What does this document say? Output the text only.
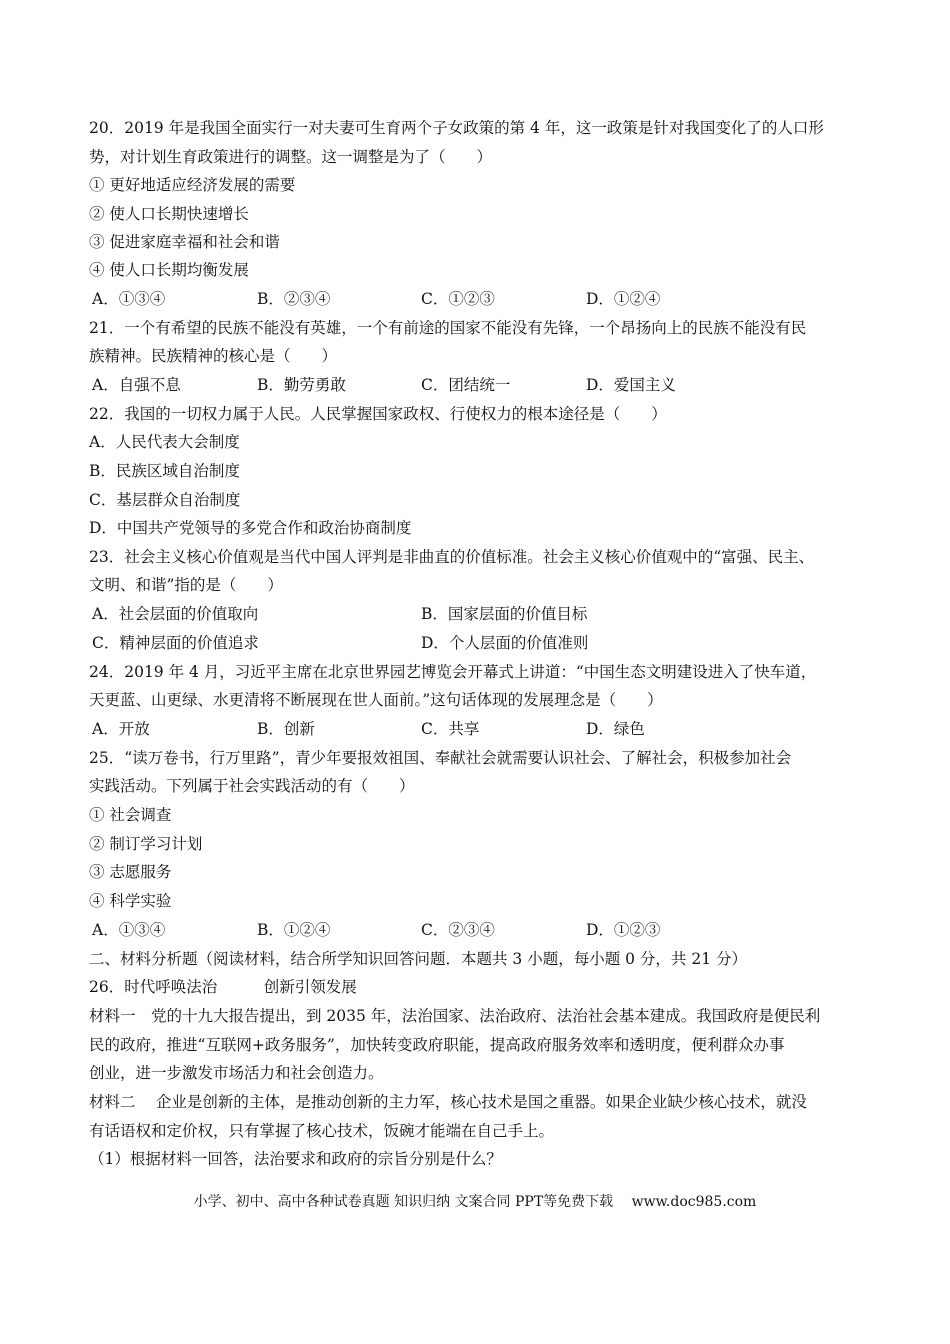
20．2019 年是我国全面实行一对夫妻可生育两个子女政策的第 4 年，这一政策是针对我国变化了的人口形
势，对计划生育政策进行的调整。这一调整是为了（　　）
① 更好地适应经济发展的需要
② 使人口长期快速增长
③ 促进家庭幸福和社会和谐
④ 使人口长期均衡发展
A．①③④	B．②③④	C．①②③	D．①②④
21．一个有希望的民族不能没有英雄，一个有前途的国家不能没有先锋，一个昂扬向上的民族不能没有民
族精神。民族精神的核心是（　　）
A．自强不息	B．勤劳勇敢	C．团结统一	D．爱国主义
22．我国的一切权力属于人民。人民掌握国家政权、行使权力的根本途径是（　　）
A．人民代表大会制度
B．民族区域自治制度
C．基层群众自治制度
D．中国共产党领导的多党合作和政治协商制度
23．社会主义核心价值观是当代中国人评判是非曲直的价值标准。社会主义核心价值观中的“富强、民主、
文明、和谐”指的是（　　）
A．社会层面的价值取向	B．国家层面的价值目标
C．精神层面的价值追求	D．个人层面的价值准则
24．2019 年 4 月，习近平主席在北京世界园艺博览会开幕式上讲道：“中国生态文明建设进入了快车道，
天更蓝、山更绿、水更清将不断展现在世人面前。”这句话体现的发展理念是（　　）
A．开放	B．创新	C．共享	D．绿色
25．“读万卷书，行万里路”，青少年要报效祖国、奉献社会就需要认识社会、了解社会，积极参加社会
实践活动。下列属于社会实践活动的有（　　）
① 社会调查
② 制订学习计划
③ 志愿服务
④ 科学实验
A．①③④	B．①②④	C．②③④	D．①②③
二、材料分析题（阅读材料，结合所学知识回答问题．本题共 3 小题，每小题 0 分，共 21 分）
26．时代呼唤法治　　　创新引领发展
材料一　党的十九大报告提出，到 2035 年，法治国家、法治政府、法治社会基本建成。我国政府是便民利
民的政府，推进“互联网+政务服务”，加快转变政府职能，提高政府服务效率和透明度，便利群众办事
创业，进一步激发市场活力和社会创造力。
材料二　 企业是创新的主体，是推动创新的主力军，核心技术是国之重器。如果企业缺少核心技术，就没
有话语权和定价权，只有掌握了核心技术，饭碗才能端在自己手上。
（1）根据材料一回答，法治要求和政府的宗旨分别是什么？
小学、初中、高中各种试卷真题 知识归纳 文案合同 PPT等免费下载　 www.doc985.com
